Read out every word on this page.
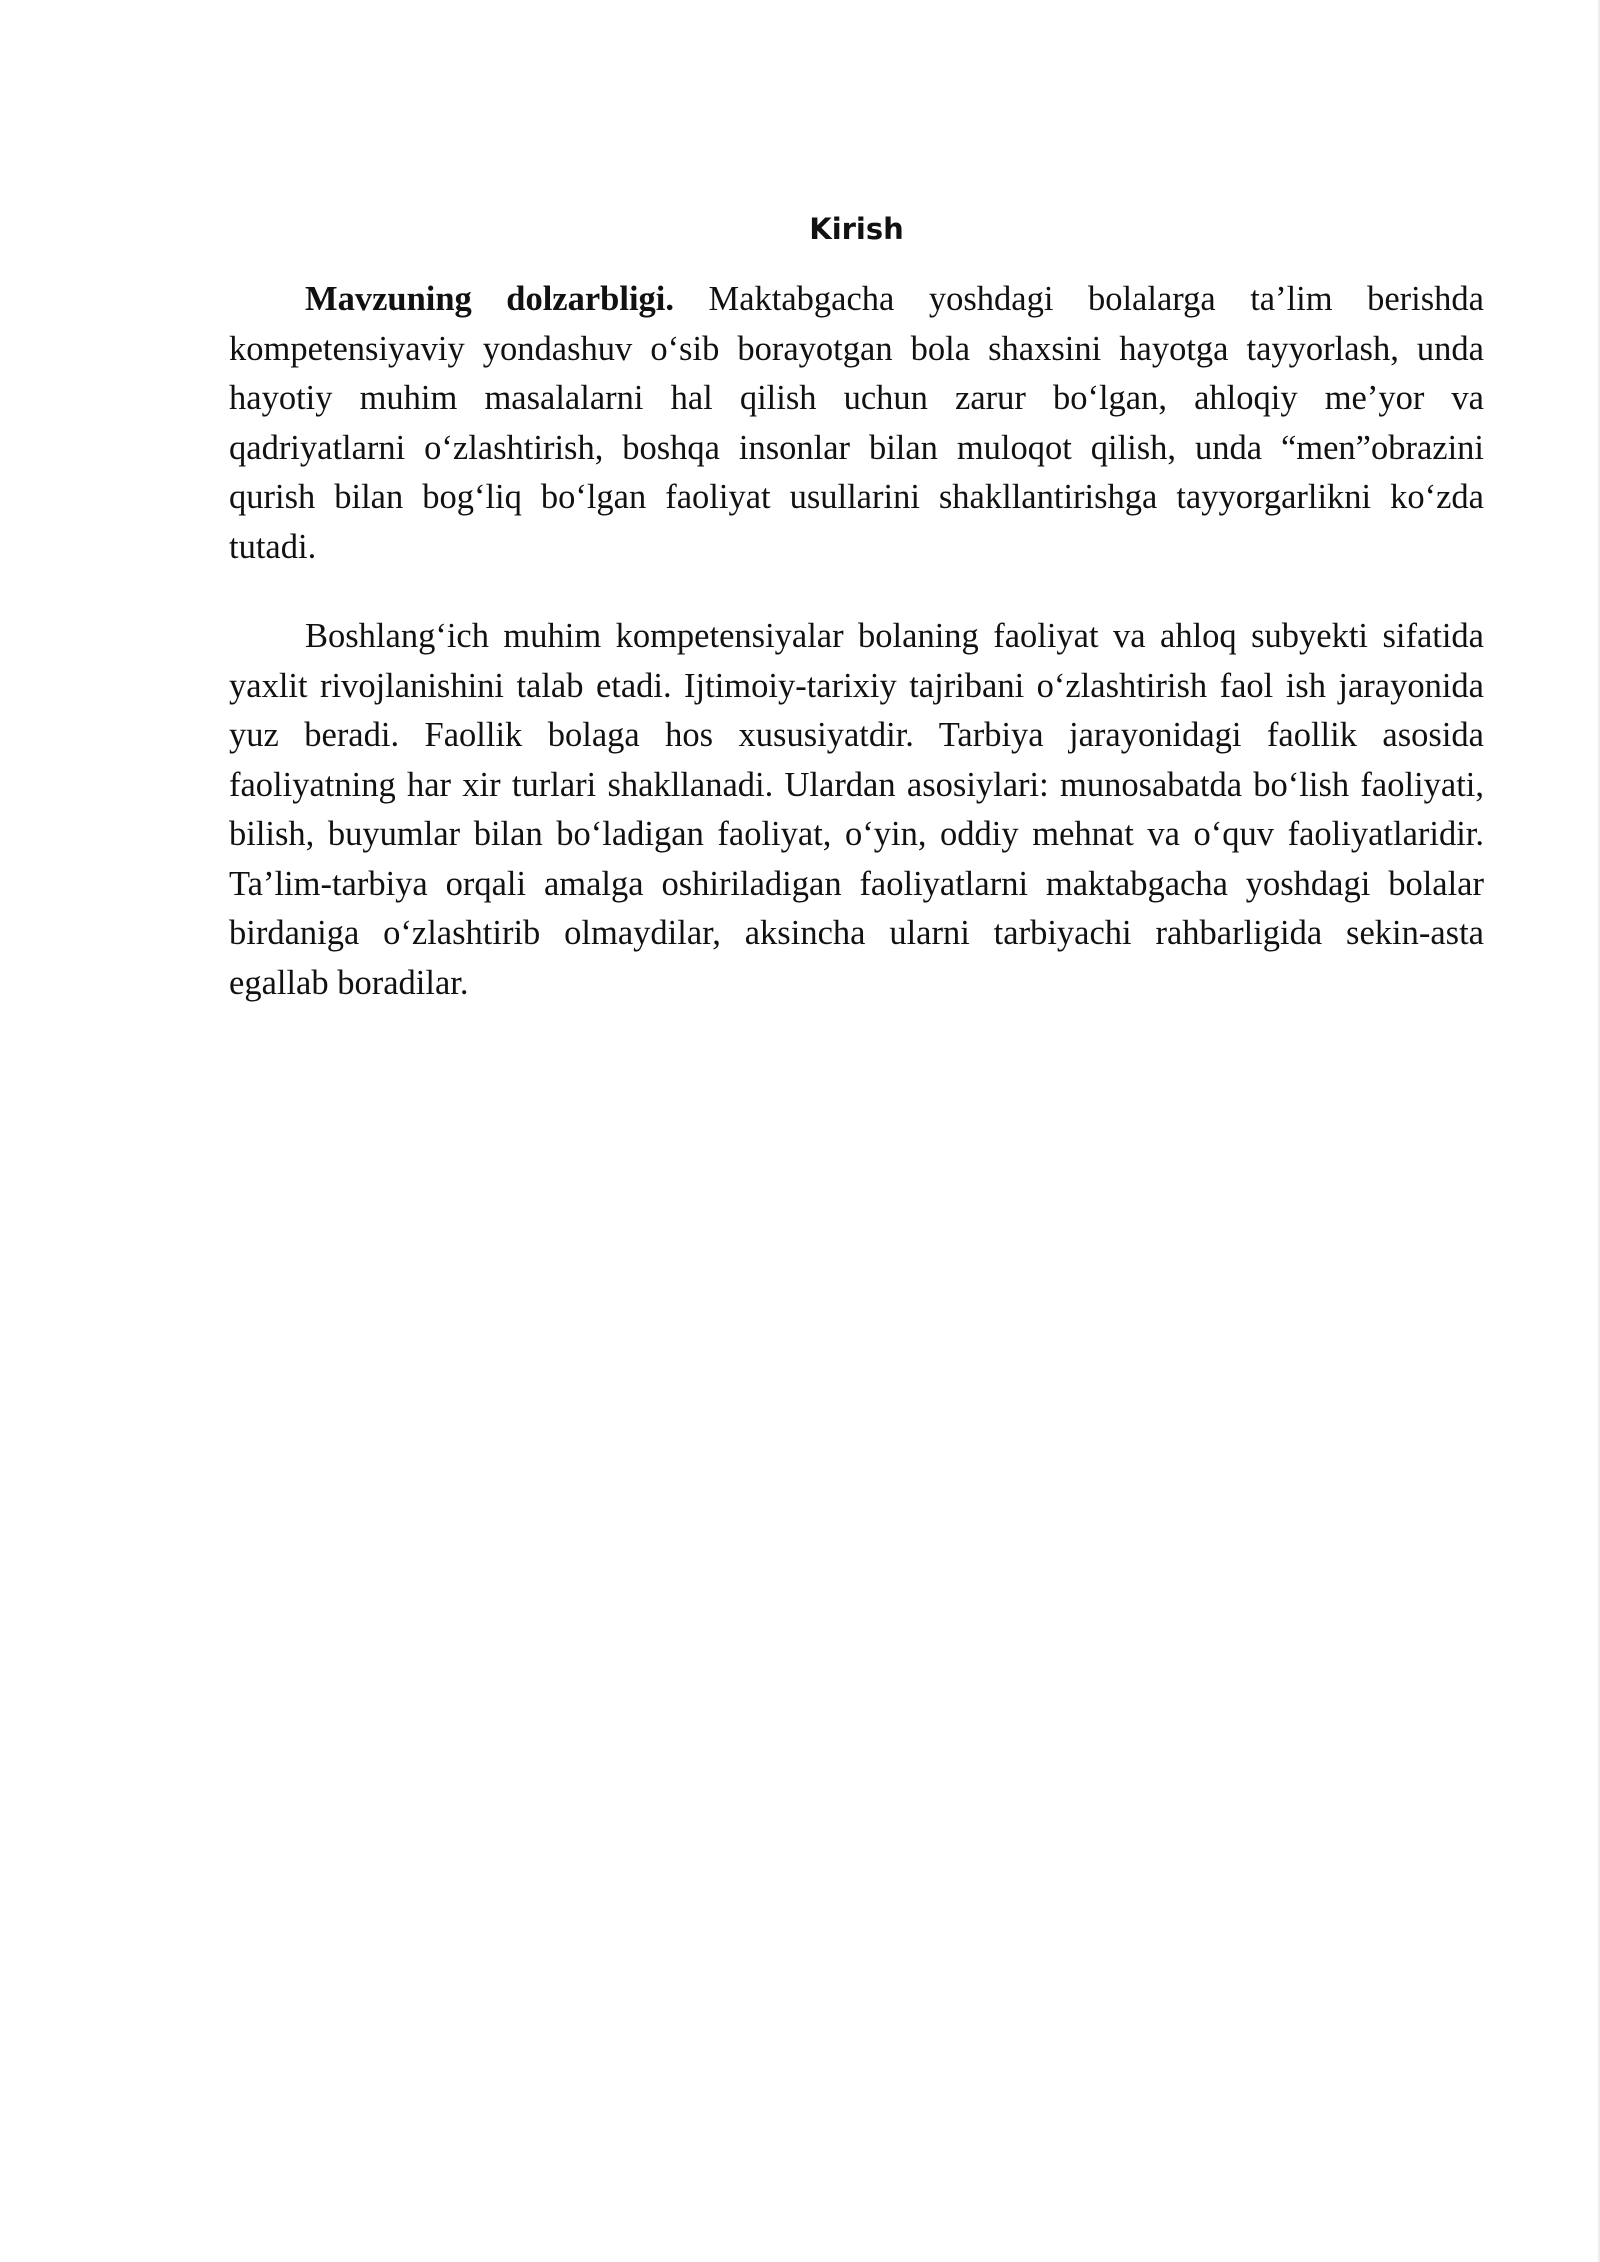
Kirish

Mavzuning dolzarbligi. Maktabgacha yoshdagi bolalarga ta’lim berishda kompetensiyaviy yondashuv o‘sib borayotgan bola shaxsini hayotga tayyorlash, unda hayotiy muhim masalalarni hal qilish uchun zarur bo‘lgan, ahloqiy me’yor va qadriyatlarni o‘zlashtirish, boshqa insonlar bilan muloqot qilish, unda “men”obrazini qurish bilan bog‘liq bo‘lgan faoliyat usullarini shakllantirishga tayyorgarlikni ko‘zda tutadi.

Boshlang‘ich muhim kompetensiyalar bolaning faoliyat va ahloq subyekti sifatida yaxlit rivojlanishini talab etadi. Ijtimoiy-tarixiy tajribani o‘zlashtirish faol ish jarayonida yuz beradi. Faollik bolaga hos xususiyatdir. Tarbiya jarayonidagi faollik asosida faoliyatning har xir turlari shakllanadi. Ulardan asosiylari: munosabatda bo‘lish faoliyati, bilish, buyumlar bilan bo‘ladigan faoliyat, o‘yin, oddiy mehnat va o‘quv faoliyatlaridir. Ta’lim-tarbiya orqali amalga oshiriladigan faoliyatlarni maktabgacha yoshdagi bolalar birdaniga o‘zlashtirib olmaydilar, aksincha ularni tarbiyachi rahbarligida sekin-asta egallab boradilar.
